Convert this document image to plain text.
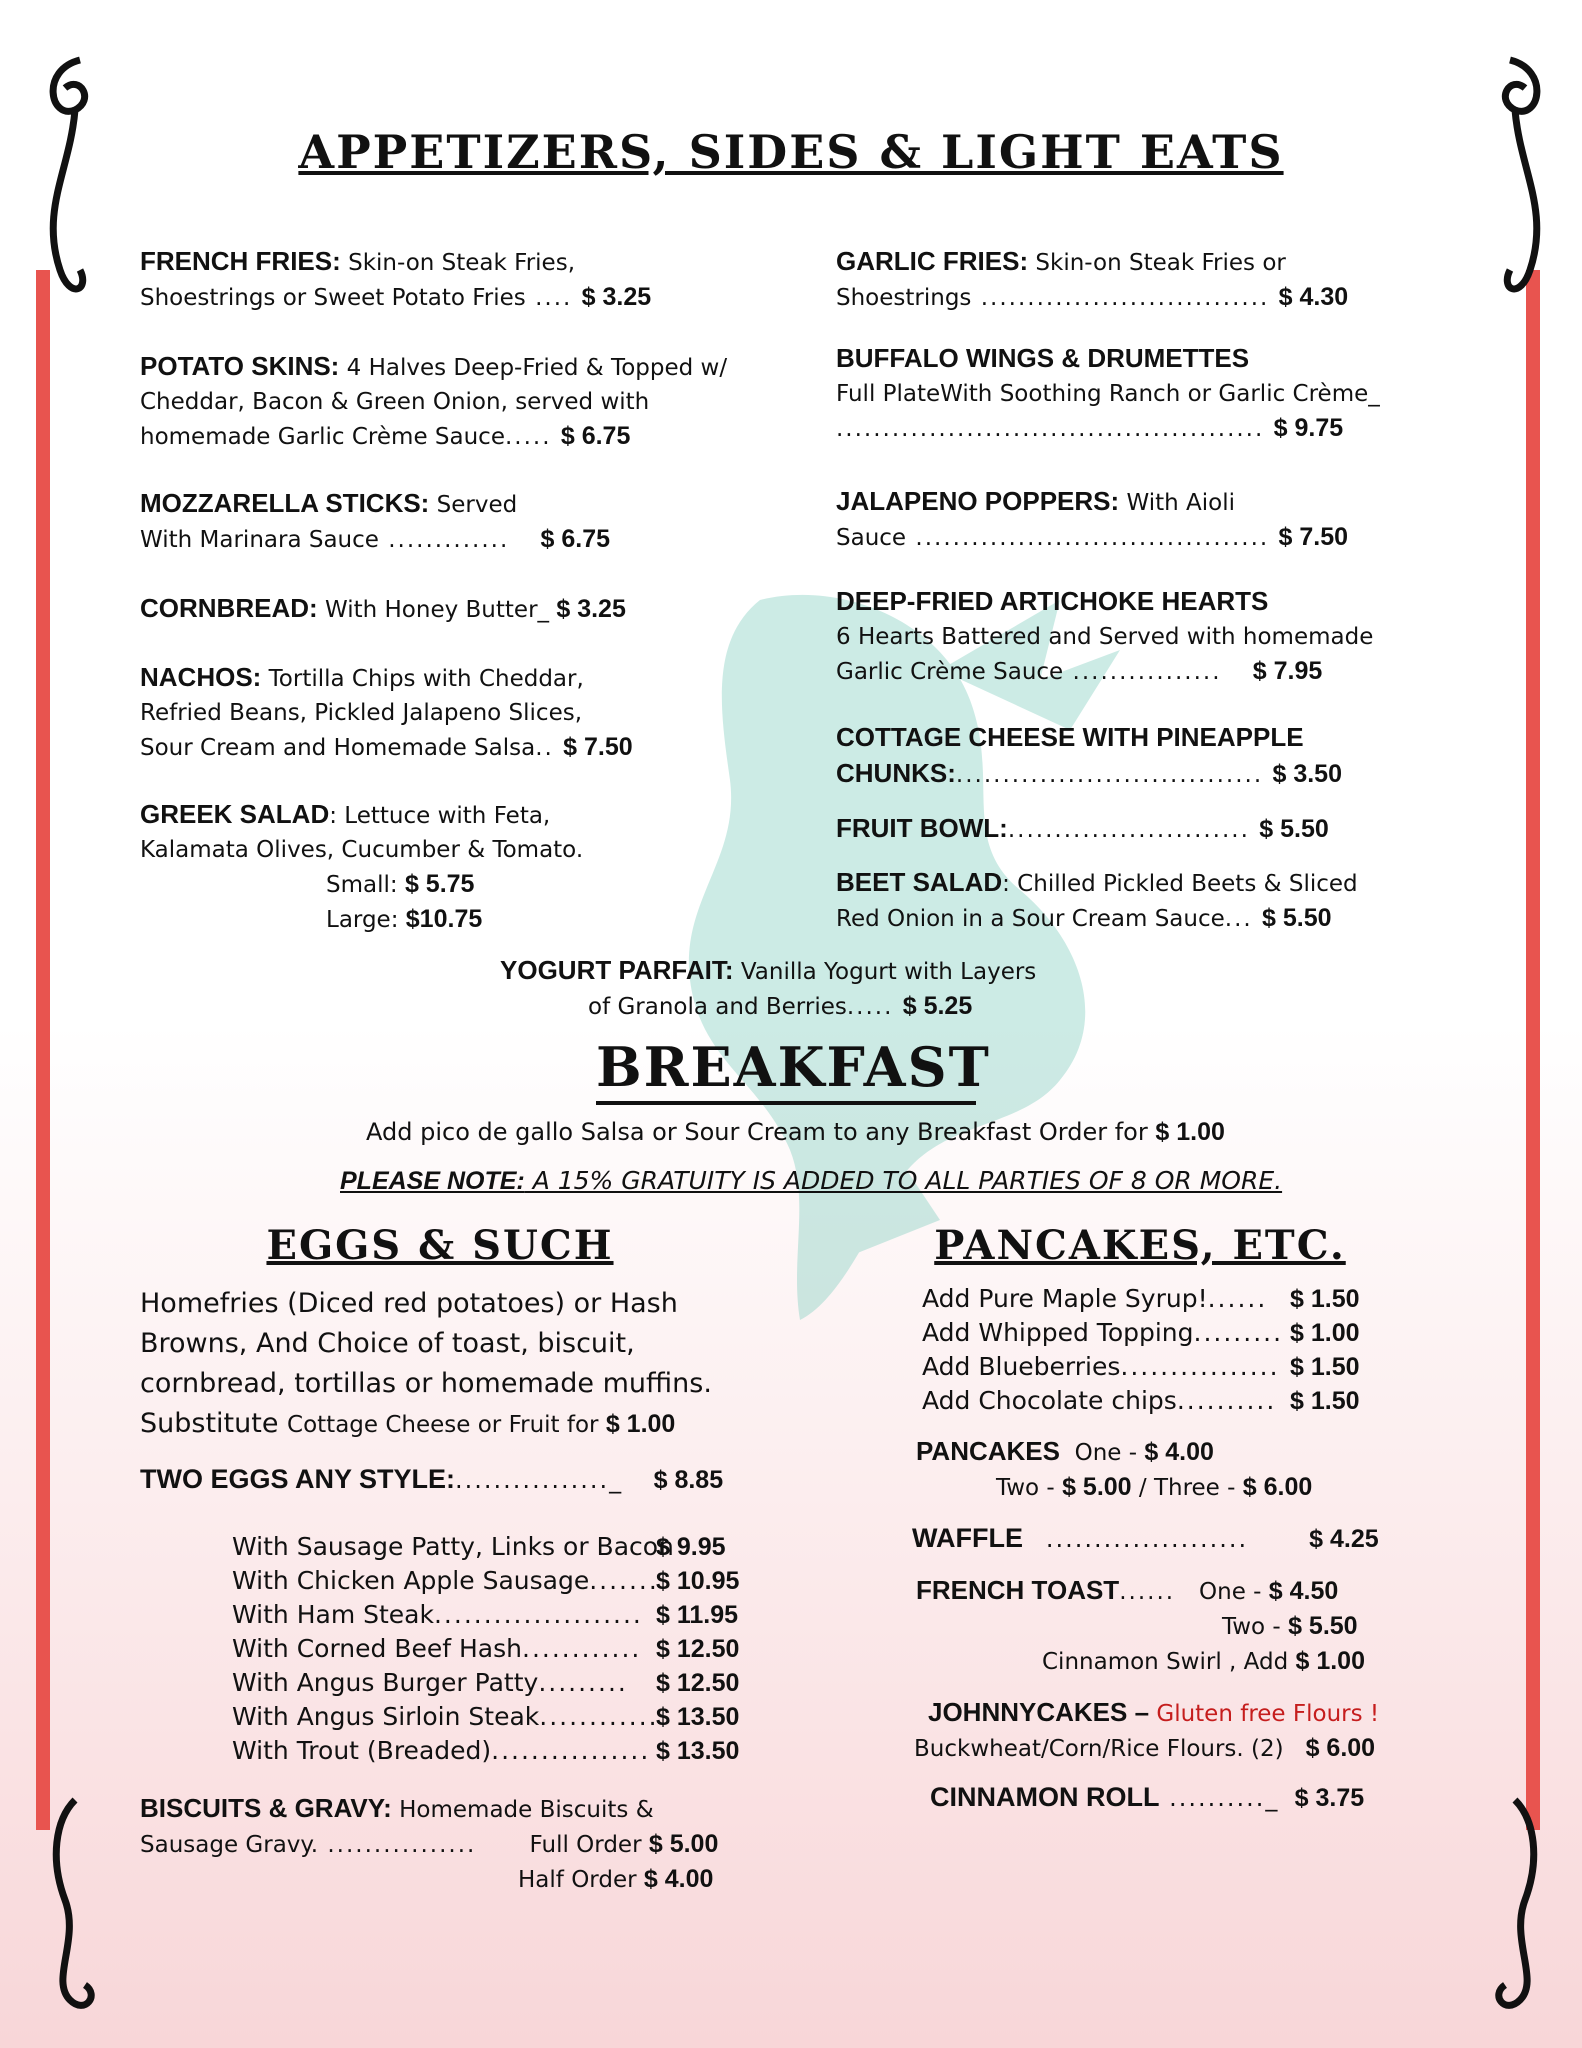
APPETIZERS, SIDES & LIGHT EATS
FRENCH FRIES: Skin-on Steak Fries,
Shoestrings or Sweet Potato Fries .... $ 3.25
POTATO SKINS: 4 Halves Deep-Fried & Topped w/
Cheddar, Bacon & Green Onion, served with
homemade Garlic Crème Sauce..... $ 6.75
MOZZARELLA STICKS: Served
With Marinara Sauce .............    $ 6.75
CORNBREAD: With Honey Butter_ $ 3.25
NACHOS: Tortilla Chips with Cheddar,
Refried Beans, Pickled Jalapeno Slices,
Sour Cream and Homemade Salsa.. $ 7.50
GREEK SALAD: Lettuce with Feta,
Kalamata Olives, Cucumber & Tomato.
Small: $ 5.75
Large: $10.75
GARLIC FRIES: Skin-on Steak Fries or
Shoestrings ............................... $ 4.30
BUFFALO WINGS & DRUMETTES
Full PlateWith Soothing Ranch or Garlic Crème_
.............................................. $ 9.75
JALAPENO POPPERS: With Aioli
Sauce ...................................... $ 7.50
DEEP-FRIED ARTICHOKE HEARTS
6 Hearts Battered and Served with homemade
Garlic Crème Sauce ................    $ 7.95
COTTAGE CHEESE WITH PINEAPPLE
CHUNKS:................................. $ 3.50
FRUIT BOWL:.......................... $ 5.50
BEET SALAD: Chilled Pickled Beets & Sliced
Red Onion in a Sour Cream Sauce... $ 5.50
YOGURT PARFAIT: Vanilla Yogurt with Layers
of Granola and Berries..... $ 5.25
BREAKFAST
Add pico de gallo Salsa or Sour Cream to any Breakfast Order for $ 1.00
PLEASE NOTE: A 15% GRATUITY IS ADDED TO ALL PARTIES OF 8 OR MORE.
EGGS & SUCH
Homefries (Diced red potatoes) or Hash
Browns, And Choice of toast, biscuit,
cornbread, tortillas or homemade muffins.
Substitute Cottage Cheese or Fruit for $ 1.00
TWO EGGS ANY STYLE:................_ $ 8.85
With Sausage Patty, Links or Bacon
$ 9.95
With Chicken Apple Sausage.......
$ 10.95
With Ham Steak..................... $ 11.95
With Corned Beef Hash............ $ 12.50
With Angus Burger Patty......... $ 12.50
With Angus Sirloin Steak............
$ 13.50
With Trout (Breaded)................ $ 13.50
BISCUITS & GRAVY: Homemade Biscuits &
Sausage Gravy. ................       Full Order $ 5.00
Half Order $ 4.00
PANCAKES, ETC.
Add Pure Maple Syrup!...... $ 1.50
Add Whipped Topping......... $ 1.00
Add Blueberries................ $ 1.50
Add Chocolate chips.......... $ 1.50
PANCAKES One - $ 4.00
Two - $ 5.00 / Three - $ 6.00
WAFFLE ..................... $ 4.25
FRENCH TOAST......   One - $ 4.50
Two - $ 5.50
Cinnamon Swirl , Add $ 1.00
JOHNNYCAKES – Gluten free Flours !
Buckwheat/Corn/Rice Flours. (2) $ 6.00
CINNAMON ROLL .........._ $ 3.75
